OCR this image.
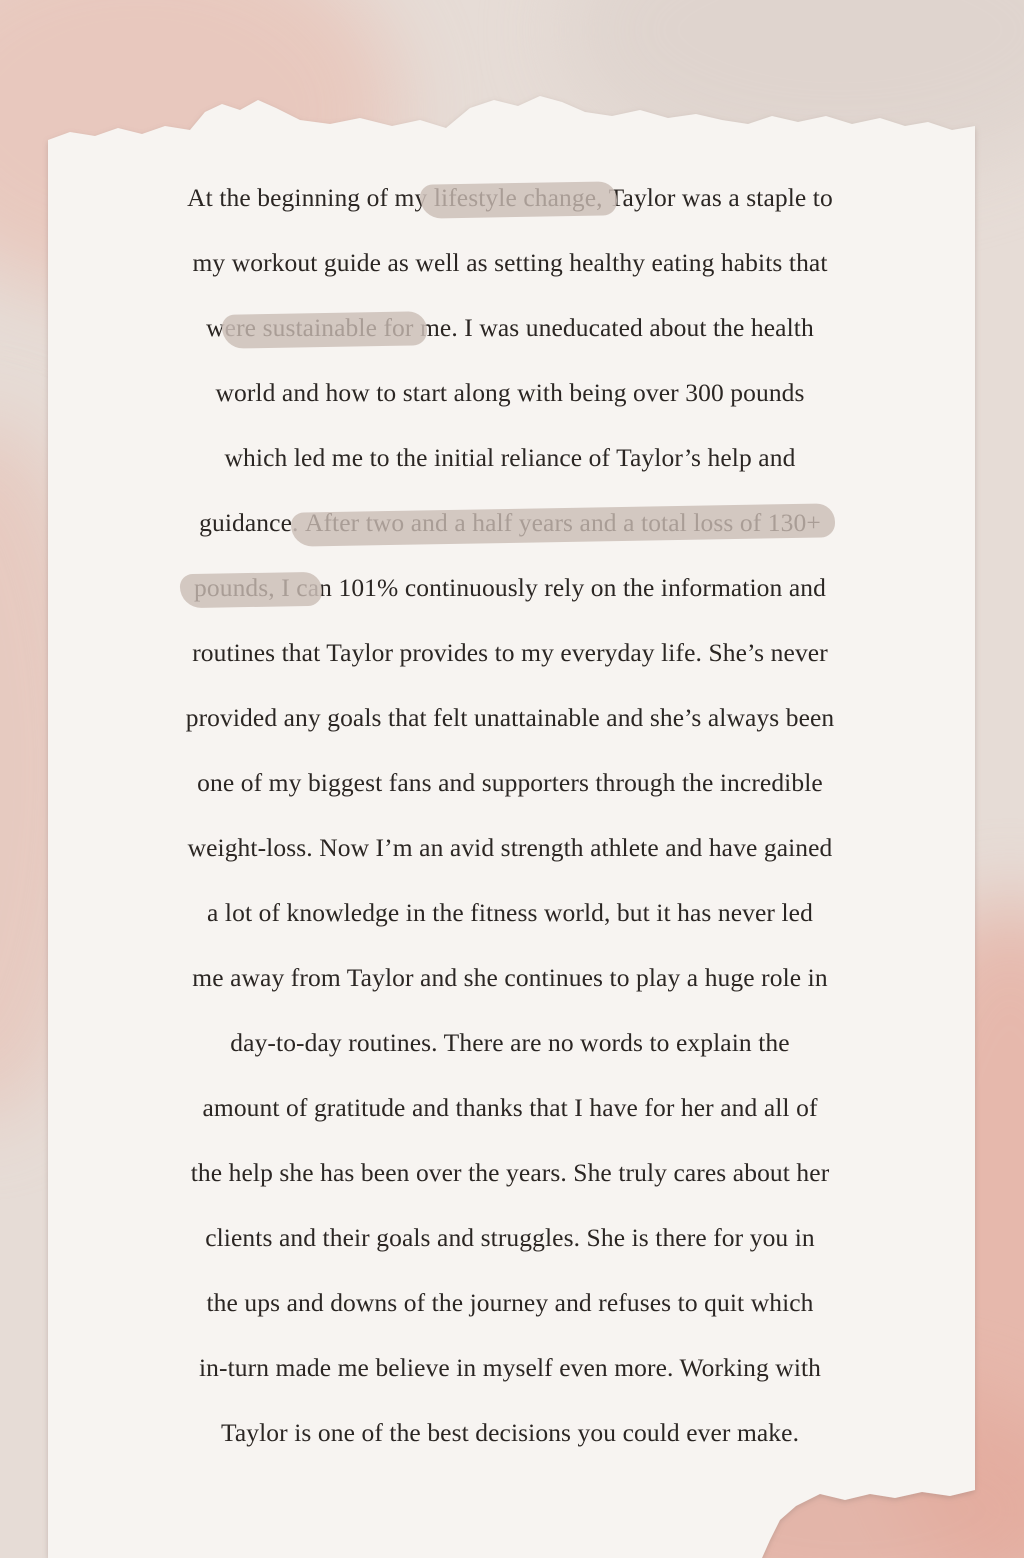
At the beginning of my lifestyle change, Taylor was a staple to
my workout guide as well as setting healthy eating habits that
were sustainable for me. I was uneducated about the health
world and how to start along with being over 300 pounds
which led me to the initial reliance of Taylor’s help and
guidance. After two and a half years and a total loss of 130+
pounds, I can 101% continuously rely on the information and
routines that Taylor provides to my everyday life. She’s never
provided any goals that felt unattainable and she’s always been
one of my biggest fans and supporters through the incredible
weight-loss. Now I’m an avid strength athlete and have gained
a lot of knowledge in the fitness world, but it has never led
me away from Taylor and she continues to play a huge role in
day-to-day routines. There are no words to explain the
amount of gratitude and thanks that I have for her and all of
the help she has been over the years. She truly cares about her
clients and their goals and struggles. She is there for you in
the ups and downs of the journey and refuses to quit which
in-turn made me believe in myself even more. Working with
Taylor is one of the best decisions you could ever make.
